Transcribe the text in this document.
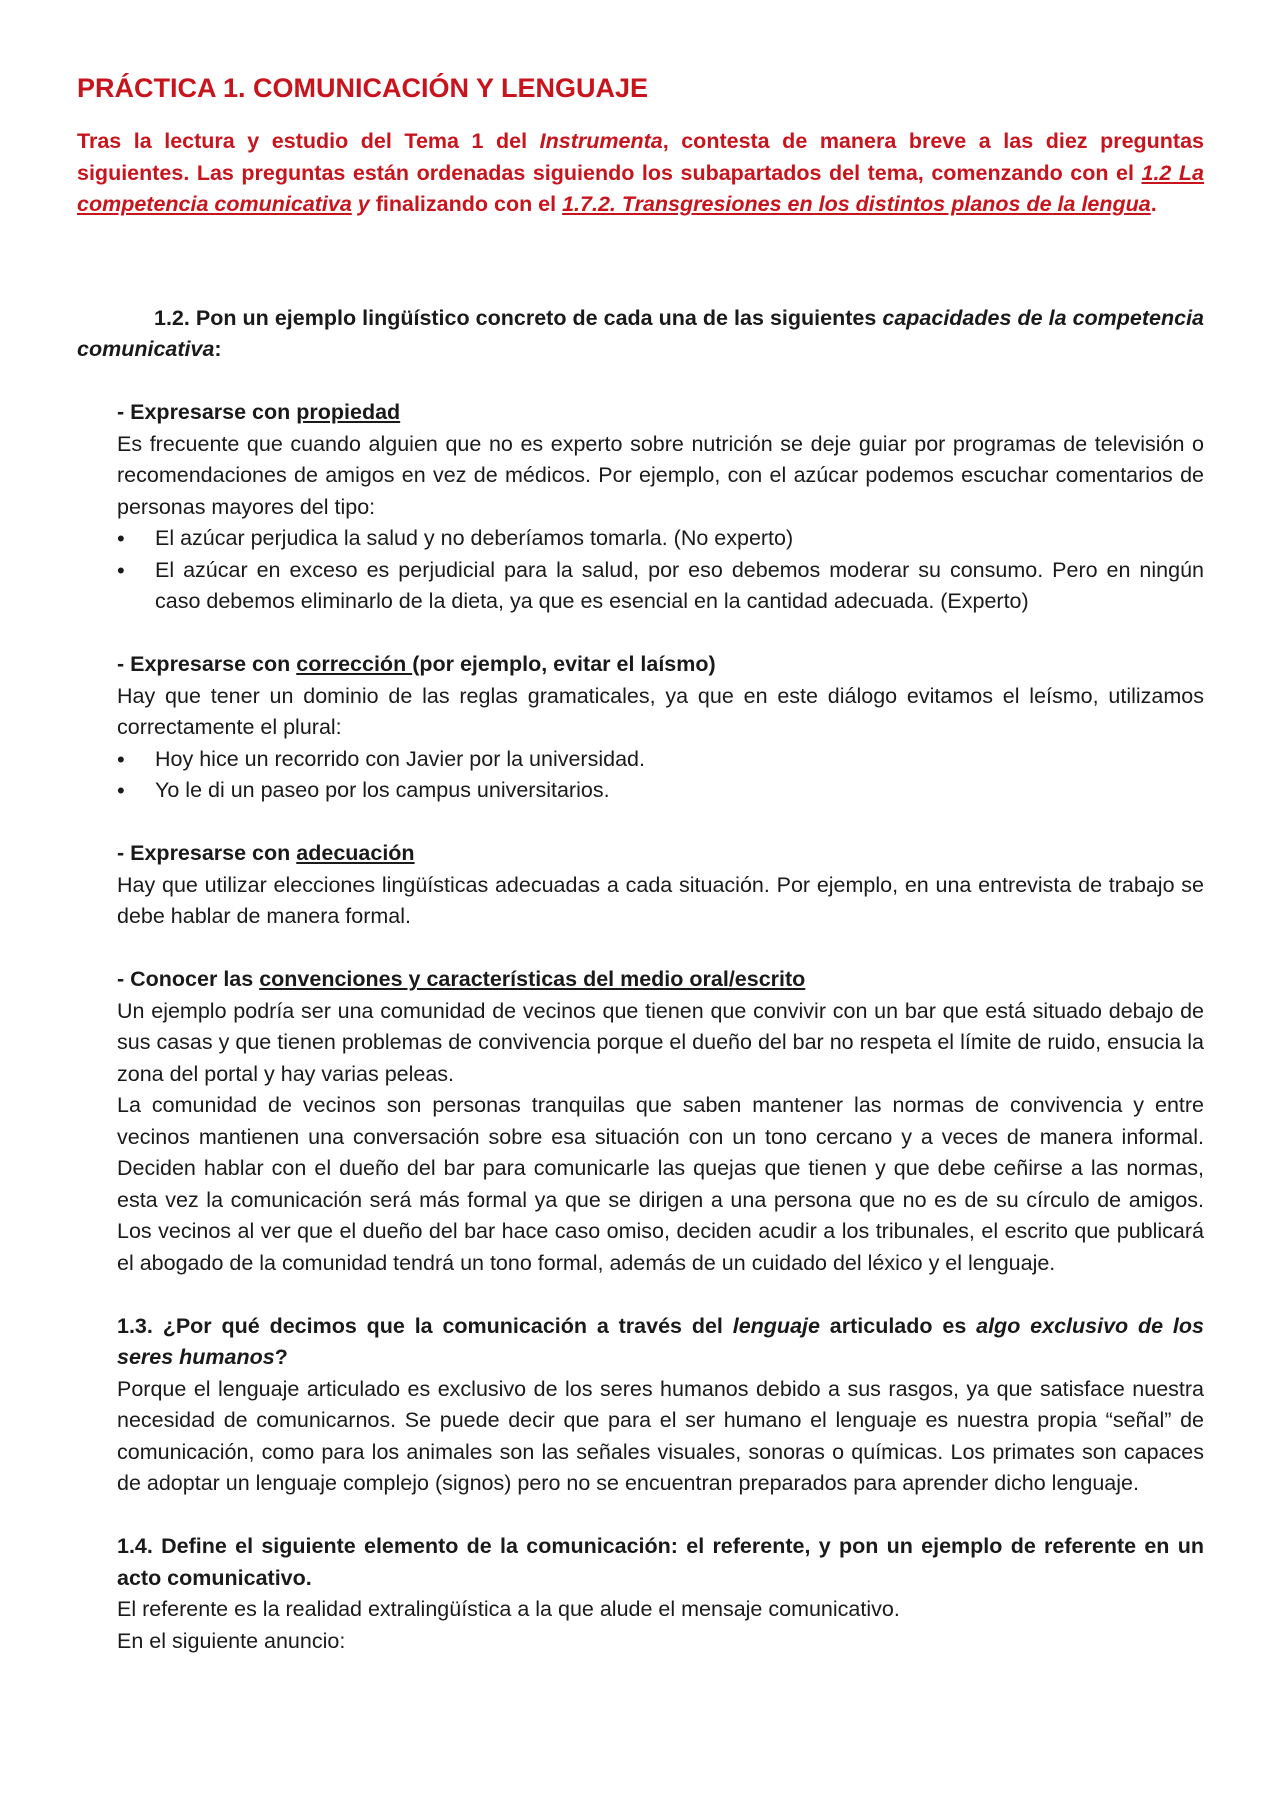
PRÁCTICA 1. COMUNICACIÓN Y LENGUAJE

Tras la lectura y estudio del Tema 1 del Instrumenta, contesta de manera breve a las diez preguntas siguientes. Las preguntas están ordenadas siguiendo los subapartados del tema, comenzando con el 1.2 La competencia comunicativa y finalizando con el 1.7.2. Transgresiones en los distintos planos de la lengua.

1.2. Pon un ejemplo lingüístico concreto de cada una de las siguientes capacidades de la competencia comunicativa:

- Expresarse con propiedad

Es frecuente que cuando alguien que no es experto sobre nutrición se deje guiar por programas de televisión o recomendaciones de amigos en vez de médicos. Por ejemplo, con el azúcar podemos escuchar comentarios de personas mayores del tipo:

• El azúcar perjudica la salud y no deberíamos tomarla. (No experto)
• El azúcar en exceso es perjudicial para la salud, por eso debemos moderar su consumo. Pero en ningún caso debemos eliminarlo de la dieta, ya que es esencial en la cantidad adecuada. (Experto)

- Expresarse con corrección (por ejemplo, evitar el laísmo)

Hay que tener un dominio de las reglas gramaticales, ya que en este diálogo evitamos el leísmo, utilizamos correctamente el plural:

• Hoy hice un recorrido con Javier por la universidad.
• Yo le di un paseo por los campus universitarios.

- Expresarse con adecuación

Hay que utilizar elecciones lingüísticas adecuadas a cada situación. Por ejemplo, en una entrevista de trabajo se debe hablar de manera formal.

- Conocer las convenciones y características del medio oral/escrito

Un ejemplo podría ser una comunidad de vecinos que tienen que convivir con un bar que está situado debajo de sus casas y que tienen problemas de convivencia porque el dueño del bar no respeta el límite de ruido, ensucia la zona del portal y hay varias peleas.

La comunidad de vecinos son personas tranquilas que saben mantener las normas de convivencia y entre vecinos mantienen una conversación sobre esa situación con un tono cercano y a veces de manera informal. Deciden hablar con el dueño del bar para comunicarle las quejas que tienen y que debe ceñirse a las normas, esta vez la comunicación será más formal ya que se dirigen a una persona que no es de su círculo de amigos. Los vecinos al ver que el dueño del bar hace caso omiso, deciden acudir a los tribunales, el escrito que publicará el abogado de la comunidad tendrá un tono formal, además de un cuidado del léxico y el lenguaje.

1.3. ¿Por qué decimos que la comunicación a través del lenguaje articulado es algo exclusivo de los seres humanos?

Porque el lenguaje articulado es exclusivo de los seres humanos debido a sus rasgos, ya que satisface nuestra necesidad de comunicarnos. Se puede decir que para el ser humano el lenguaje es nuestra propia “señal” de comunicación, como para los animales son las señales visuales, sonoras o químicas. Los primates son capaces de adoptar un lenguaje complejo (signos) pero no se encuentran preparados para aprender dicho lenguaje.

1.4. Define el siguiente elemento de la comunicación: el referente, y pon un ejemplo de referente en un acto comunicativo.

El referente es la realidad extralingüística a la que alude el mensaje comunicativo.

En el siguiente anuncio:
